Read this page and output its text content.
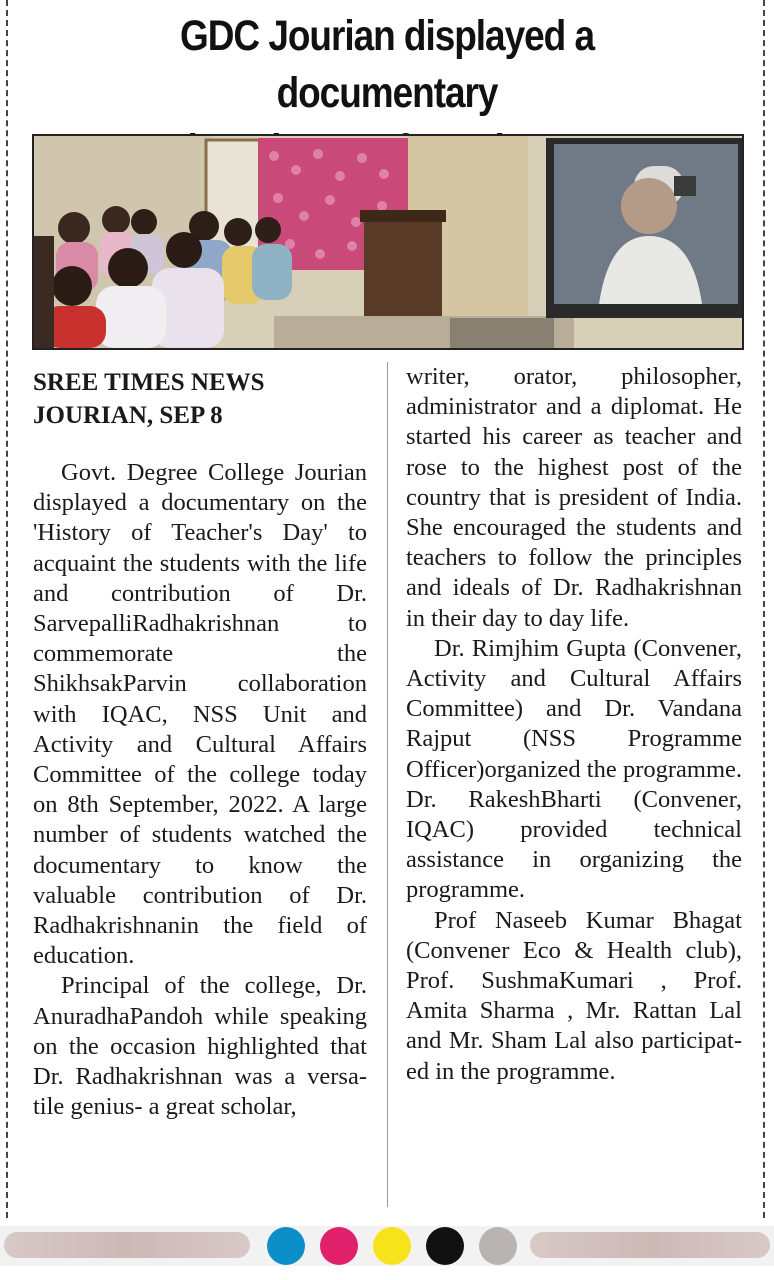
GDC Jourian displayed a documentary

SREE TIMES NEWS
JOURIAN, SEP 8

Govt. Degree College Jourian displayed a documentary on the 'History of Teacher's Day' to acquaint the students with the life and contribution of Dr. SarvepalliRadhakrishnan to commemorate the ShikhsakParvin collaboration with IQAC, NSS Unit and Activity and Cultural Affairs Committee of the college today on 8th September, 2022. A large number of students watched the documentary to know the valuable contribution of Dr. Radhakrishnanin the field of education.

Principal of the college, Dr. AnuradhaPandoh while speaking on the occasion highlighted that Dr. Radhakrishnan was a versatile genius- a great scholar,

writer, orator, philosopher, administrator and a diplomat. He started his career as teacher and rose to the highest post of the country that is president of India. She encouraged the students and teachers to follow the principles and ideals of Dr. Radhakrishnan in their day to day life.

Dr. Rimjhim Gupta (Convener, Activity and Cultural Affairs Committee) and Dr. Vandana Rajput (NSS Programme Officer)organized the programme. Dr. RakeshBharti (Convener, IQAC) provided technical assistance in organizing the programme.

Prof Naseeb Kumar Bhagat (Convener Eco & Health club), Prof. SushmaKumari , Prof. Amita Sharma , Mr. Rattan Lal and Mr. Sham Lal also participated in the programme.
